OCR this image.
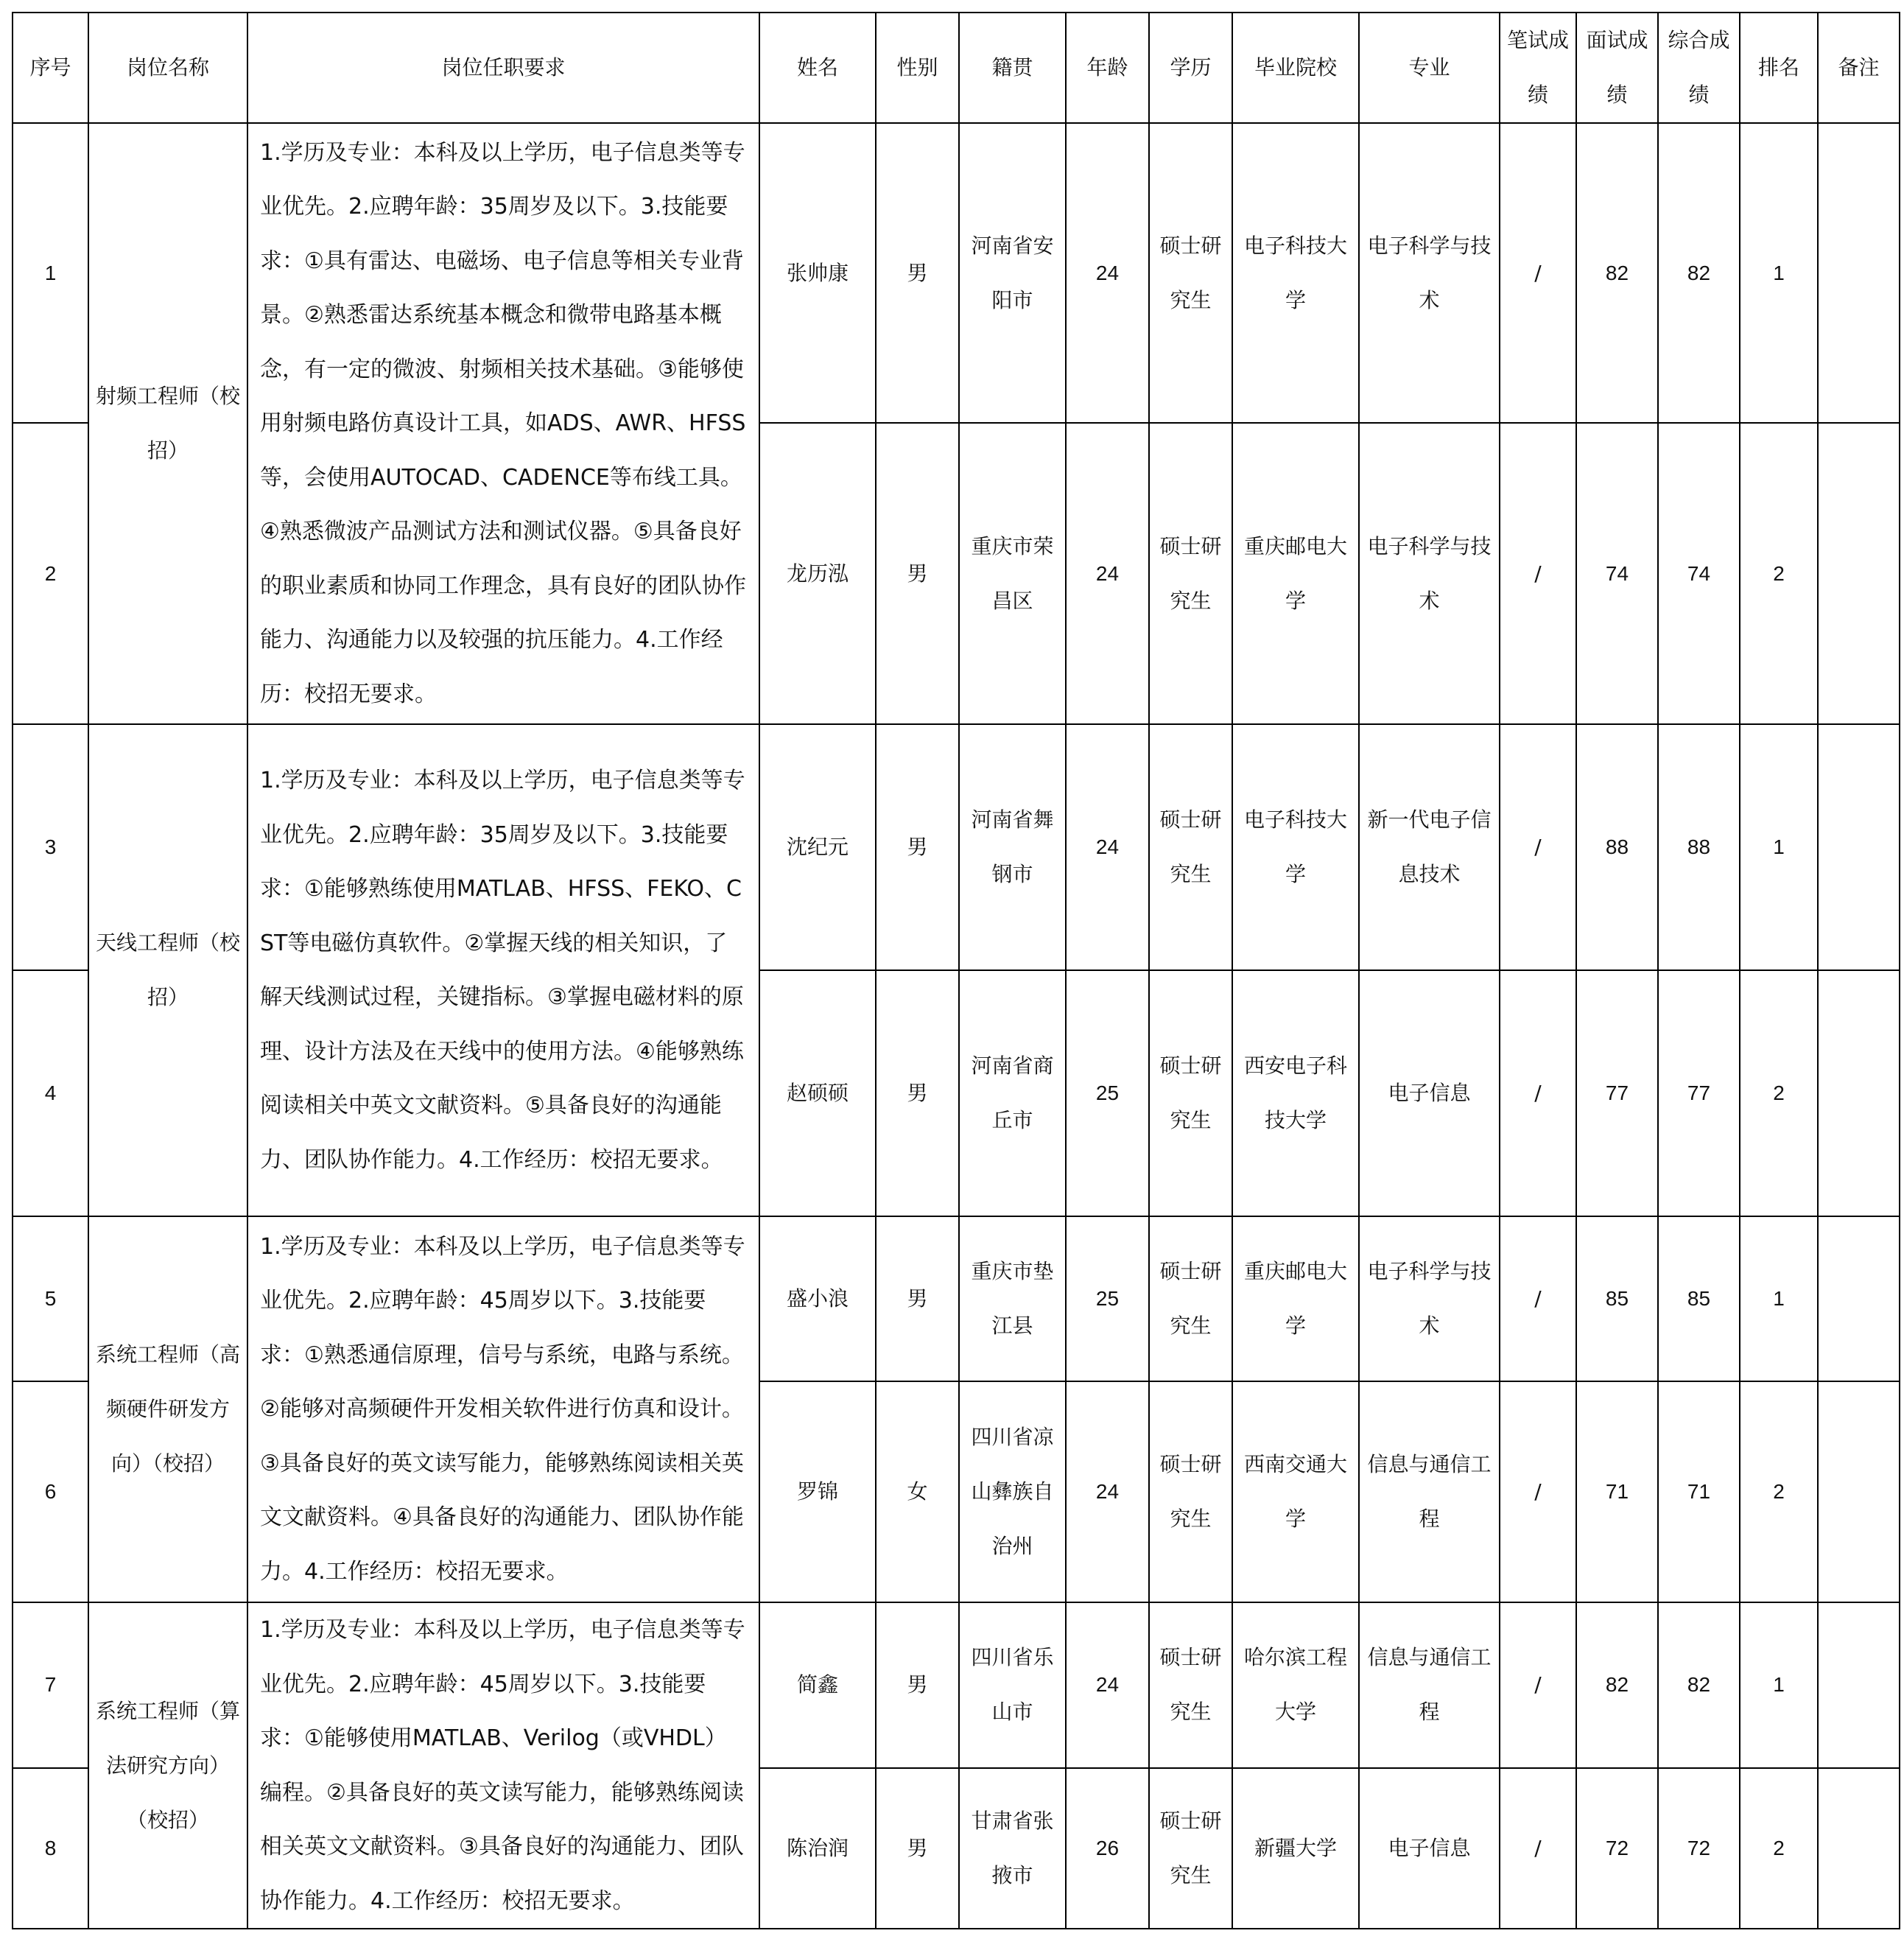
序号	岗位名称	岗位任职要求	姓名	性别	籍贯	年龄	学历	毕业院校	专业	笔试成绩	面试成绩	综合成绩	排名	备注
1	射频工程师（校招）	1.学历及专业：本科及以上学历，电子信息类等专业优先。2.应聘年龄：35周岁及以下。3.技能要求：①具有雷达、电磁场、电子信息等相关专业背景。②熟悉雷达系统基本概念和微带电路基本概念，有一定的微波、射频相关技术基础。③能够使用射频电路仿真设计工具，如ADS、AWR、HFSS等，会使用AUTOCAD、CADENCE等布线工具。④熟悉微波产品测试方法和测试仪器。⑤具备良好的职业素质和协同工作理念，具有良好的团队协作能力、沟通能力以及较强的抗压能力。4.工作经历：校招无要求。	张帅康	男	河南省安阳市	24	硕士研究生	电子科技大学	电子科学与技术	/	82	82	1	
2			龙历泓	男	重庆市荣昌区	24	硕士研究生	重庆邮电大学	电子科学与技术	/	74	74	2	
3	天线工程师（校招）	1.学历及专业：本科及以上学历，电子信息类等专业优先。2.应聘年龄：35周岁及以下。3.技能要求：①能够熟练使用MATLAB、HFSS、FEKO、CST等电磁仿真软件。②掌握天线的相关知识，了解天线测试过程，关键指标。③掌握电磁材料的原理、设计方法及在天线中的使用方法。④能够熟练阅读相关中英文文献资料。⑤具备良好的沟通能力、团队协作能力。4.工作经历：校招无要求。	沈纪元	男	河南省舞钢市	24	硕士研究生	电子科技大学	新一代电子信息技术	/	88	88	1	
4			赵硕硕	男	河南省商丘市	25	硕士研究生	西安电子科技大学	电子信息	/	77	77	2	
5	系统工程师（高频硬件研发方向）（校招）	1.学历及专业：本科及以上学历，电子信息类等专业优先。2.应聘年龄：45周岁以下。3.技能要求：①熟悉通信原理，信号与系统，电路与系统。②能够对高频硬件开发相关软件进行仿真和设计。③具备良好的英文读写能力，能够熟练阅读相关英文文献资料。④具备良好的沟通能力、团队协作能力。4.工作经历：校招无要求。	盛小浪	男	重庆市垫江县	25	硕士研究生	重庆邮电大学	电子科学与技术	/	85	85	1	
6			罗锦	女	四川省凉山彝族自治州	24	硕士研究生	西南交通大学	信息与通信工程	/	71	71	2	
7	系统工程师（算法研究方向）（校招）	1.学历及专业：本科及以上学历，电子信息类等专业优先。2.应聘年龄：45周岁以下。3.技能要求：①能够使用MATLAB、Verilog（或VHDL）编程。②具备良好的英文读写能力，能够熟练阅读相关英文文献资料。③具备良好的沟通能力、团队协作能力。4.工作经历：校招无要求。	简鑫	男	四川省乐山市	24	硕士研究生	哈尔滨工程大学	信息与通信工程	/	82	82	1	
8			陈治润	男	甘肃省张掖市	26	硕士研究生	新疆大学	电子信息	/	72	72	2	
